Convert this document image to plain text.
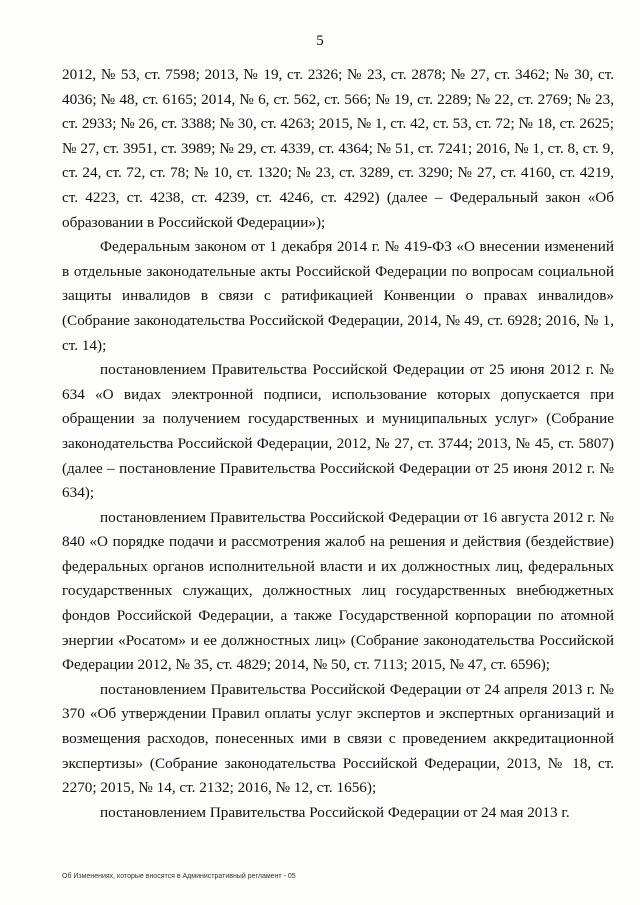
5

2012, № 53, ст. 7598; 2013, № 19, ст. 2326; № 23, ст. 2878; № 27, ст. 3462; № 30, ст. 4036; № 48, ст. 6165; 2014, № 6, ст. 562, ст. 566; № 19, ст. 2289; № 22, ст. 2769; № 23, ст. 2933; № 26, ст. 3388; № 30, ст. 4263; 2015, № 1, ст. 42, ст. 53, ст. 72; № 18, ст. 2625; № 27, ст. 3951, ст. 3989; № 29, ст. 4339, ст. 4364; № 51, ст. 7241; 2016, № 1, ст. 8, ст. 9, ст. 24, ст. 72, ст. 78; № 10, ст. 1320; № 23, ст. 3289, ст. 3290; № 27, ст. 4160, ст. 4219, ст. 4223, ст. 4238, ст. 4239, ст. 4246, ст. 4292) (далее – Федеральный закон «Об образовании в Российской Федерации»);

Федеральным законом от 1 декабря 2014 г. № 419-ФЗ «О внесении изменений в отдельные законодательные акты Российской Федерации по вопросам социальной защиты инвалидов в связи с ратификацией Конвенции о правах инвалидов» (Собрание законодательства Российской Федерации, 2014, № 49, ст. 6928; 2016, № 1, ст. 14);

постановлением Правительства Российской Федерации от 25 июня 2012 г. № 634 «О видах электронной подписи, использование которых допускается при обращении за получением государственных и муниципальных услуг» (Собрание законодательства Российской Федерации, 2012, № 27, ст. 3744; 2013, № 45, ст. 5807) (далее – постановление Правительства Российской Федерации от 25 июня 2012 г. № 634);

постановлением Правительства Российской Федерации от 16 августа 2012 г. № 840 «О порядке подачи и рассмотрения жалоб на решения и действия (бездействие) федеральных органов исполнительной власти и их должностных лиц, федеральных государственных служащих, должностных лиц государственных внебюджетных фондов Российской Федерации, а также Государственной корпорации по атомной энергии «Росатом» и ее должностных лиц» (Собрание законодательства Российской Федерации 2012, № 35, ст. 4829; 2014, № 50, ст. 7113; 2015, № 47, ст. 6596);

постановлением Правительства Российской Федерации от 24 апреля 2013 г. № 370 «Об утверждении Правил оплаты услуг экспертов и экспертных организаций и возмещения расходов, понесенных ими в связи с проведением аккредитационной экспертизы» (Собрание законодательства Российской Федерации, 2013, № 18, ст. 2270; 2015, № 14, ст. 2132; 2016, № 12, ст. 1656);

постановлением Правительства Российской Федерации от 24 мая 2013 г.

Об Изменениях, которые вносятся в Административный регламент - 05
